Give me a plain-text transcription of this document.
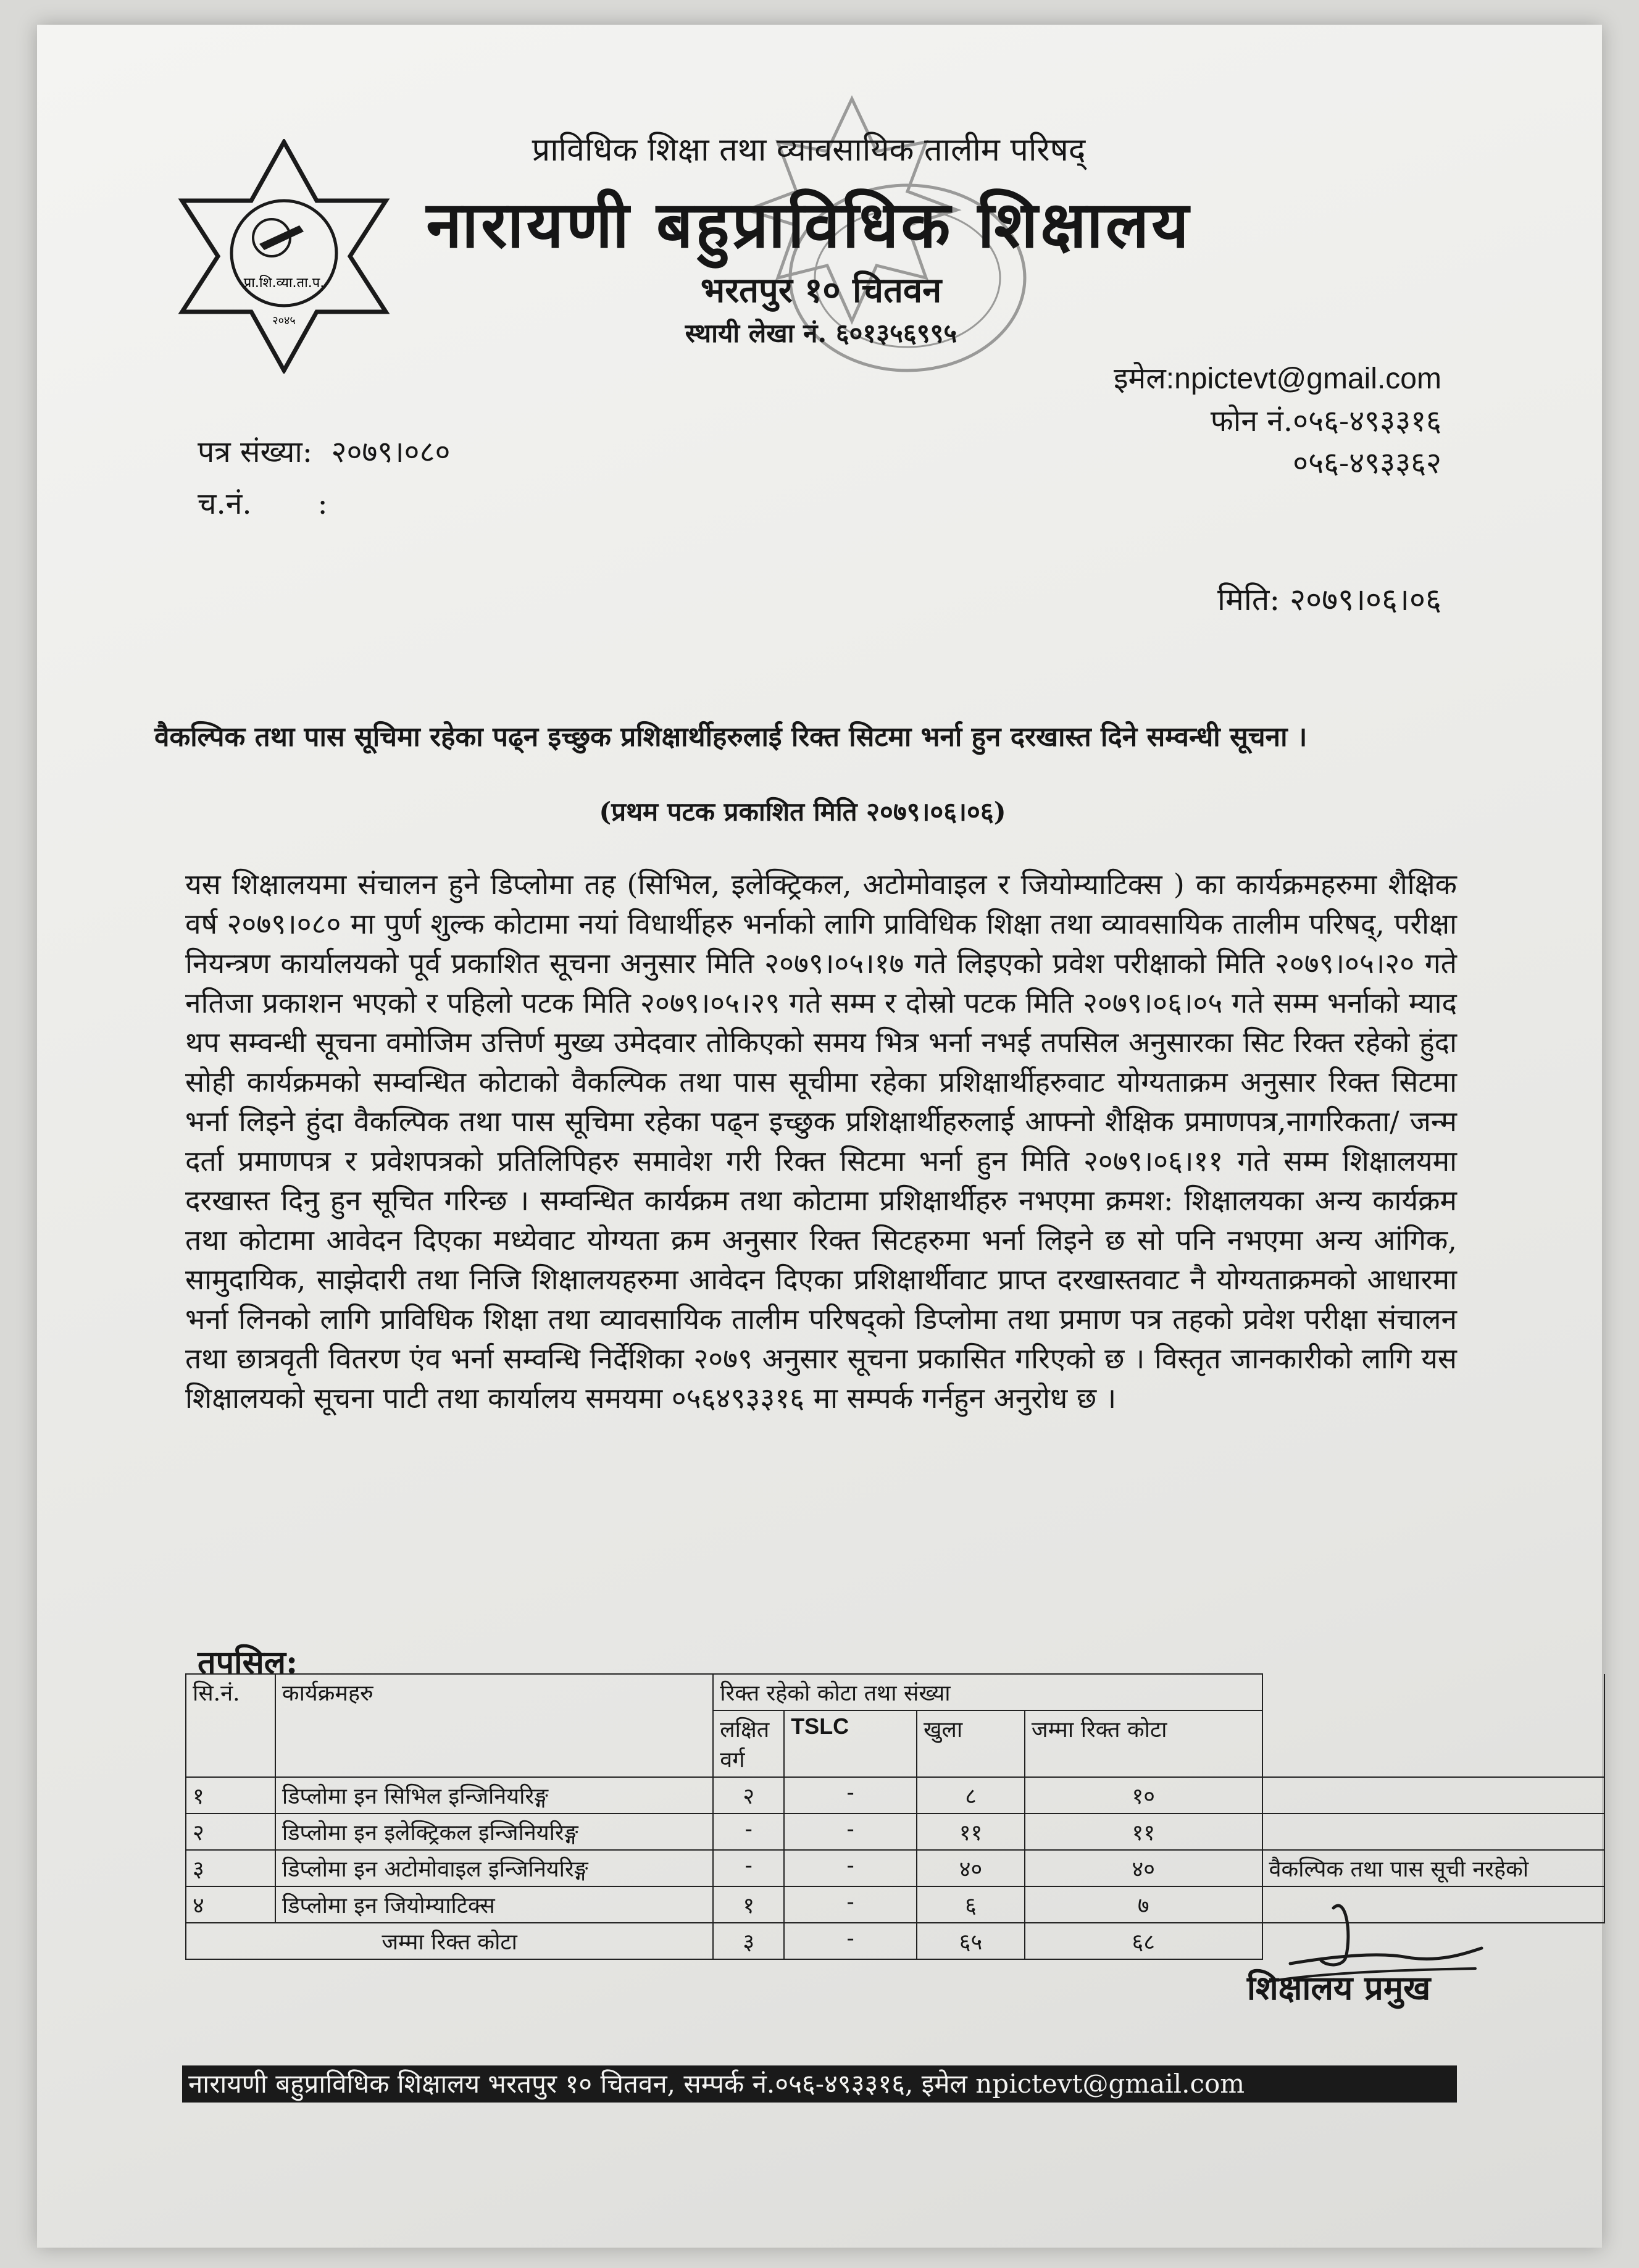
प्रा.शि.व्या.ता.प.
२०४५
प्राविधिक शिक्षा तथा व्यावसायिक तालीम परिषद्
नारायणी बहुप्राविधिक शिक्षालय
भरतपुर १० चितवन
स्थायी लेखा नं. ६०१३५६९९५
इमेल:npictevt@gmail.com
फोन नं.०५६-४९३३१६
०५६-४९३३६२
पत्र संख्या: २०७९।०८०
च.नं. :
मिति: २०७९।०६।०६
वैकल्पिक तथा पास सूचिमा रहेका पढ्न इच्छुक प्रशिक्षार्थीहरुलाई रिक्त सिटमा भर्ना हुन दरखास्त दिने सम्वन्धी सूचना ।
(प्रथम पटक प्रकाशित मिति २०७९।०६।०६)
यस शिक्षालयमा संचालन हुने डिप्लोमा तह (सिभिल, इलेक्ट्रिकल, अटोमोवाइल र जियोम्याटिक्स ) का कार्यक्रमहरुमा शैक्षिक वर्ष २०७९।०८० मा पुर्ण शुल्क कोटामा नयां विधार्थीहरु भर्नाको लागि प्राविधिक शिक्षा तथा व्यावसायिक तालीम परिषद्, परीक्षा नियन्त्रण कार्यालयको पूर्व प्रकाशित सूचना अनुसार मिति २०७९।०५।१७ गते लिइएको प्रवेश परीक्षाको मिति २०७९।०५।२० गते नतिजा प्रकाशन भएको र पहिलो पटक मिति २०७९।०५।२९ गते सम्म र दोस्रो पटक मिति २०७९।०६।०५ गते सम्म भर्नाको म्याद थप सम्वन्धी सूचना वमोजिम उत्तिर्ण मुख्य उमेदवार तोकिएको समय भित्र भर्ना नभई तपसिल अनुसारका सिट रिक्त रहेको हुंदा सोही कार्यक्रमको सम्वन्धित कोटाको वैकल्पिक तथा पास सूचीमा रहेका प्रशिक्षार्थीहरुवाट योग्यताक्रम अनुसार रिक्त सिटमा भर्ना लिइने हुंदा वैकल्पिक तथा पास सूचिमा रहेका पढ्न इच्छुक प्रशिक्षार्थीहरुलाई आफ्नो शैक्षिक प्रमाणपत्र,नागरिकता/ जन्म दर्ता प्रमाणपत्र र प्रवेशपत्रको प्रतिलिपिहरु समावेश गरी रिक्त सिटमा भर्ना हुन मिति २०७९।०६।११ गते सम्म शिक्षालयमा दरखास्त दिनु हुन सूचित गरिन्छ । सम्वन्धित कार्यक्रम तथा कोटामा प्रशिक्षार्थीहरु नभएमा क्रमश: शिक्षालयका अन्य कार्यक्रम तथा कोटामा आवेदन दिएका मध्येवाट योग्यता क्रम अनुसार रिक्त सिटहरुमा भर्ना लिइने छ सो पनि नभएमा अन्य आंगिक, सामुदायिक, साझेदारी तथा निजि शिक्षालयहरुमा आवेदन दिएका प्रशिक्षार्थीवाट प्राप्त दरखास्तवाट नै योग्यताक्रमको आधारमा भर्ना लिनको लागि प्राविधिक शिक्षा तथा व्यावसायिक तालीम परिषद्को डिप्लोमा तथा प्रमाण पत्र तहको प्रवेश परीक्षा संचालन तथा छात्रवृती वितरण एंव भर्ना सम्वन्धि निर्देशिका २०७९ अनुसार सूचना प्रकासित गरिएको छ । विस्तृत जानकारीको लागि यस शिक्षालयको सूचना पाटी तथा कार्यालय समयमा ०५६४९३३१६ मा सम्पर्क गर्नहुन अनुरोध छ ।
तपसिल:
सि.नं.	कार्यक्रमहरु	रिक्त रहेको कोटा तथा संख्या				
		लक्षित वर्ग	TSLC	खुला	जम्मा रिक्त कोटा	
१	डिप्लोमा इन सिभिल इन्जिनियरिङ्ग	२	-	८	१०	
२	डिप्लोमा इन इलेक्ट्रिकल इन्जिनियरिङ्ग	-	-	११	११	
३	डिप्लोमा इन अटोमोवाइल इन्जिनियरिङ्ग	-	-	४०	४०	वैकल्पिक तथा पास सूची नरहेको
४	डिप्लोमा इन जियोम्याटिक्स	१	-	६	७	
जम्मा रिक्त कोटा		३	-	६५	६८	
शिक्षालय प्रमुख
नारायणी बहुप्राविधिक शिक्षालय भरतपुर १० चितवन, सम्पर्क नं.०५६-४९३३१६, इमेल npictevt@gmail.com
